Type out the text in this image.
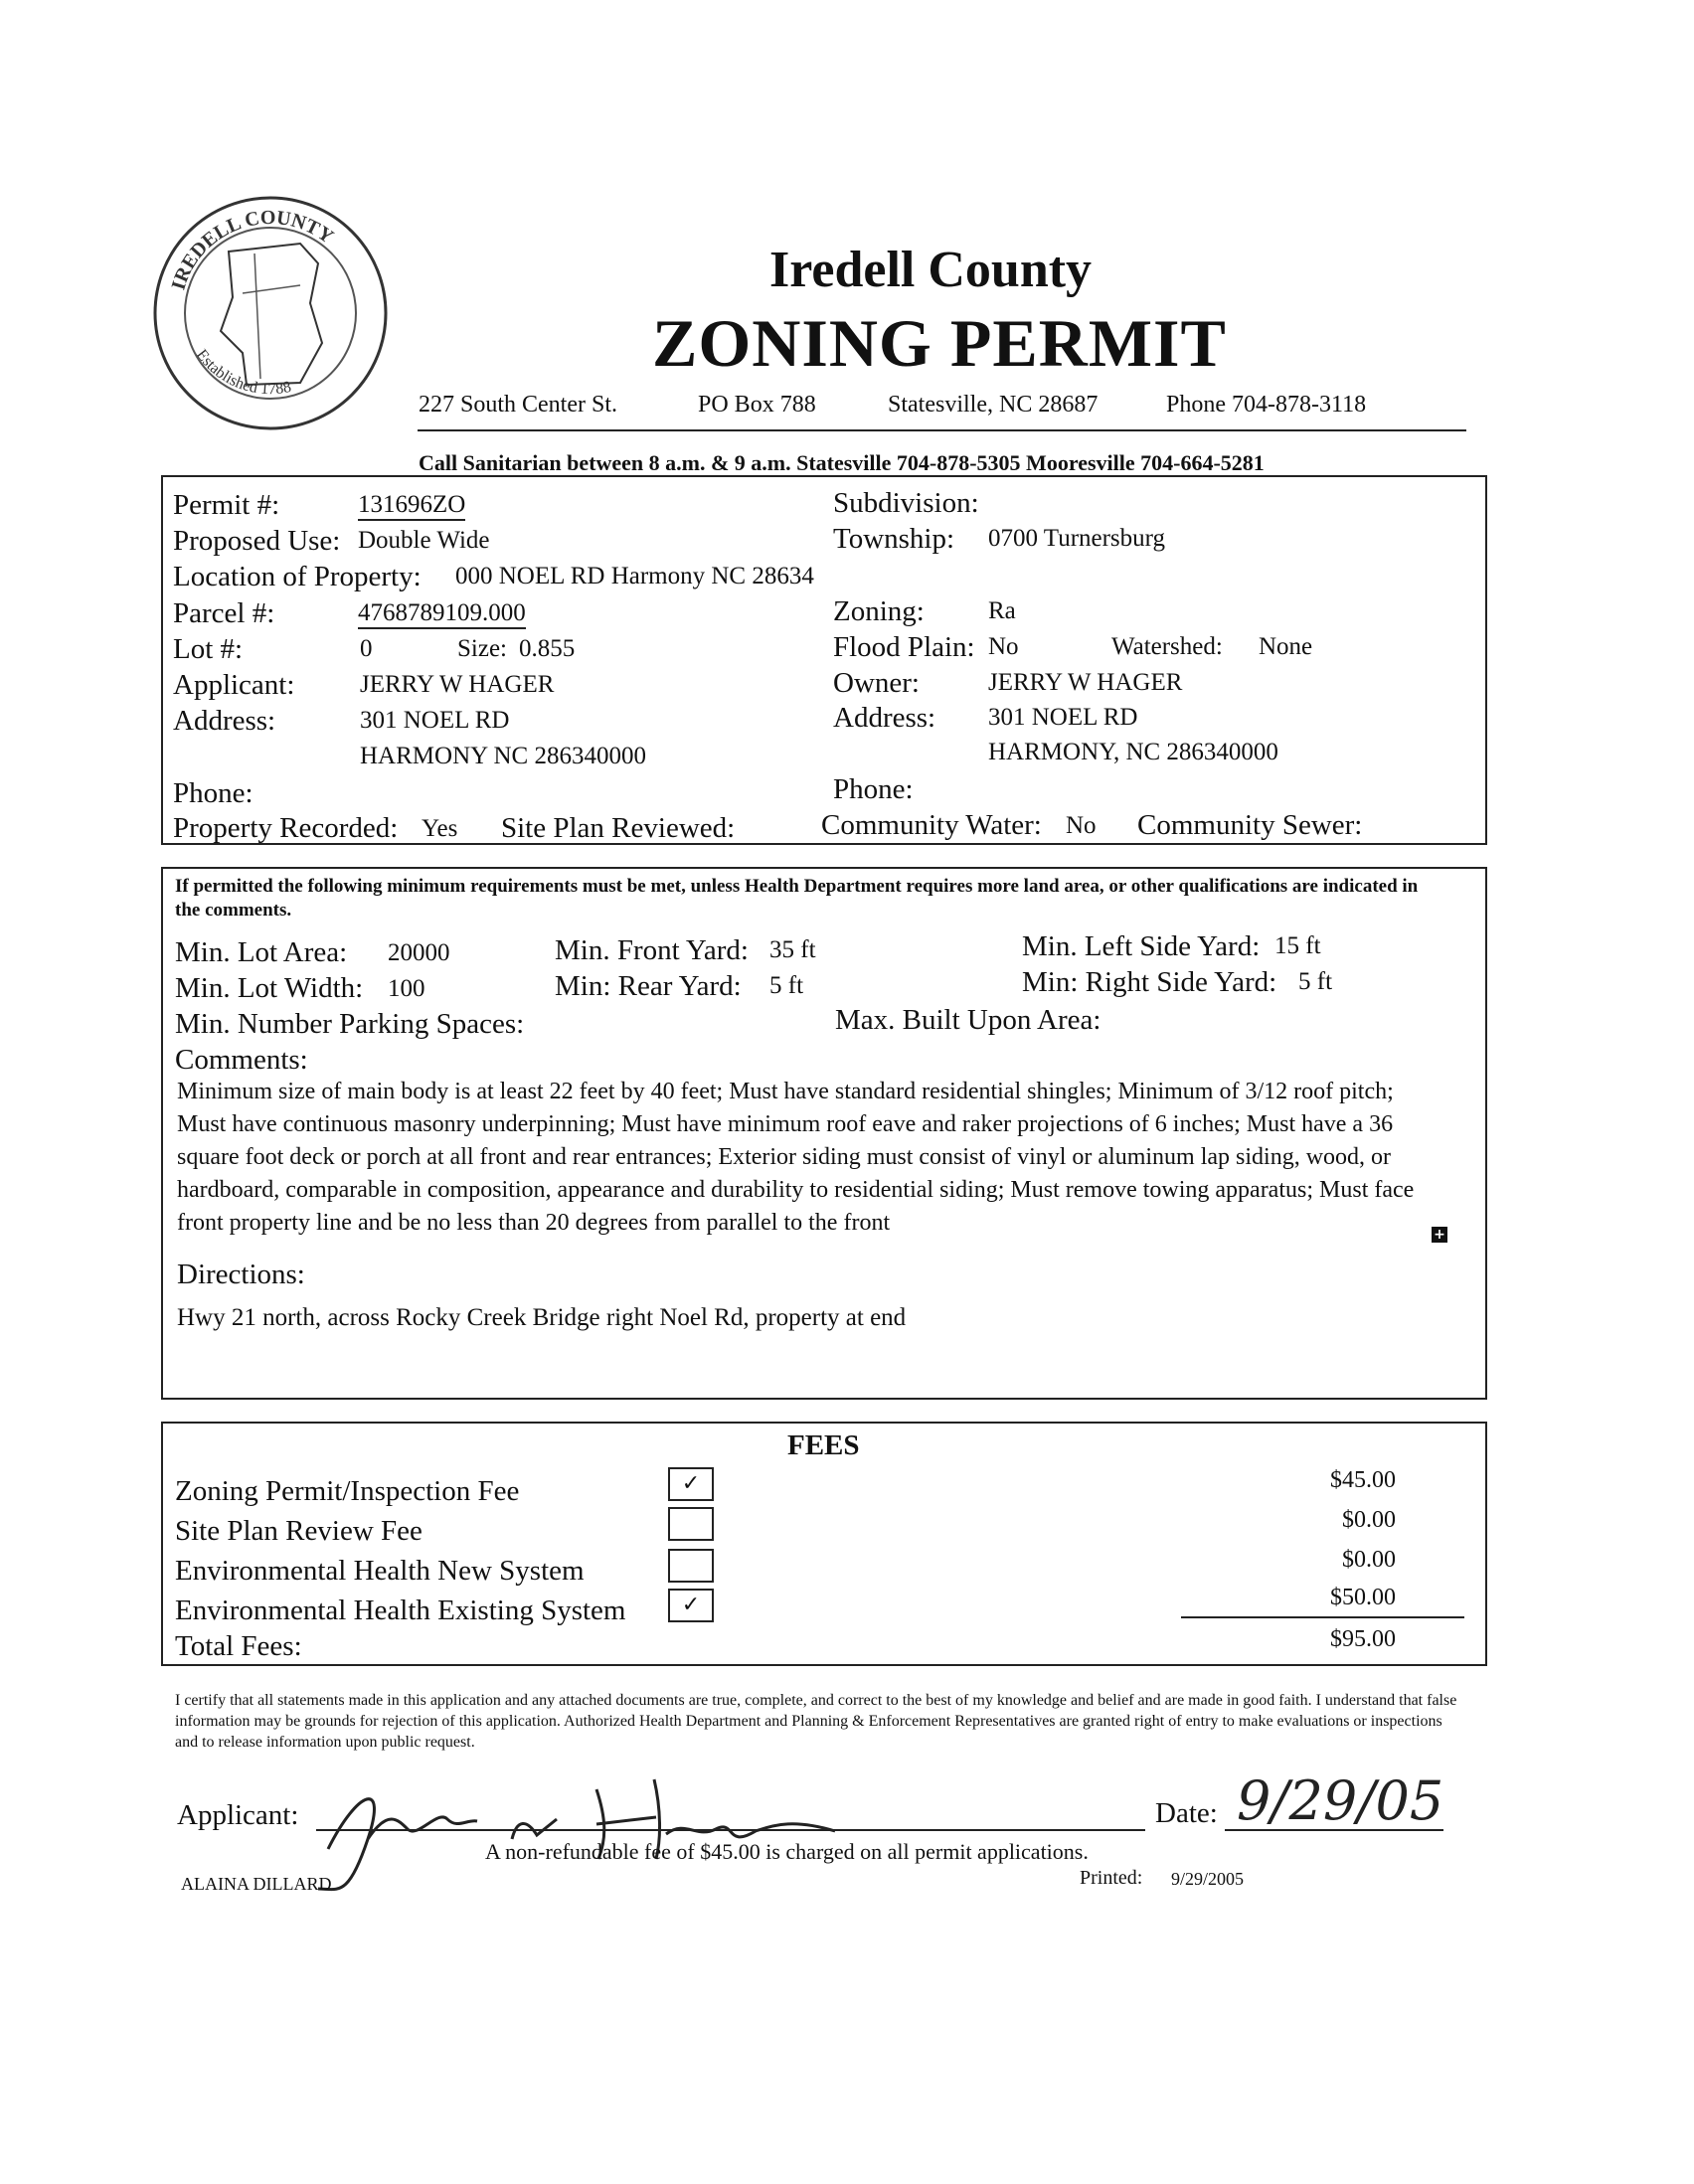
IREDELL COUNTY
Established 1788
Iredell County
ZONING PERMIT
227 South Center St.	PO Box 788	Statesville, NC 28687	Phone 704-878-3118
Call Sanitarian between 8 a.m. & 9 a.m. Statesville 704-878-5305 Mooresville 704-664-5281
Permit #:	131696ZO
Proposed Use: Double Wide
Location of Property: 000 NOEL RD Harmony NC 28634
Parcel #:	4768789109.000
Lot #:	0	Size: 0.855
Applicant:	JERRY W HAGER
Address:	301 NOEL RD
HARMONY NC 286340000
Phone:
Property Recorded: Yes Site Plan Reviewed:
Subdivision:
Township: 0700 Turnersburg
Zoning:	Ra
Flood Plain: No	Watershed: None
Owner:	JERRY W HAGER
Address: 301 NOEL RD
HARMONY, NC 286340000
Phone:
Community Water: No Community Sewer:
If permitted the following minimum requirements must be met, unless Health Department requires more land area, or other qualifications are indicated in the comments.
Min. Lot Area: 20000	Min. Front Yard: 35 ft	Min. Left Side Yard: 15 ft
Min. Lot Width: 100	Min: Rear Yard: 5 ft	Min: Right Side Yard: 5 ft
Min. Number Parking Spaces:	Max. Built Upon Area:
Comments:
Minimum size of main body is at least 22 feet by 40 feet; Must have standard residential shingles; Minimum of 3/12 roof pitch; Must have continuous masonry underpinning; Must have minimum roof eave and raker projections of 6 inches; Must have a 36 square foot deck or porch at all front and rear entrances; Exterior siding must consist of vinyl or aluminum lap siding, wood, or hardboard, comparable in composition, appearance and durability to residential siding; Must remove towing apparatus; Must face front property line and be no less than 20 degrees from parallel to the front	+
Directions:
Hwy 21 north, across Rocky Creek Bridge right Noel Rd, property at end
FEES
Zoning Permit/Inspection Fee	✓	$45.00
Site Plan Review Fee	$0.00
Environmental Health New System	$0.00
Environmental Health Existing System	✓	$50.00
Total Fees:	$95.00
I certify that all statements made in this application and any attached documents are true, complete, and correct to the best of my knowledge and belief and are made in good faith. I understand that false information may be grounds for rejection of this application. Authorized Health Department and Planning & Enforcement Representatives are granted right of entry to make evaluations or inspections and to release information upon public request.
Applicant:	Date: 9/29/05
A non-refundable fee of $45.00 is charged on all permit applications.
ALAINA DILLARD	Printed: 9/29/2005
